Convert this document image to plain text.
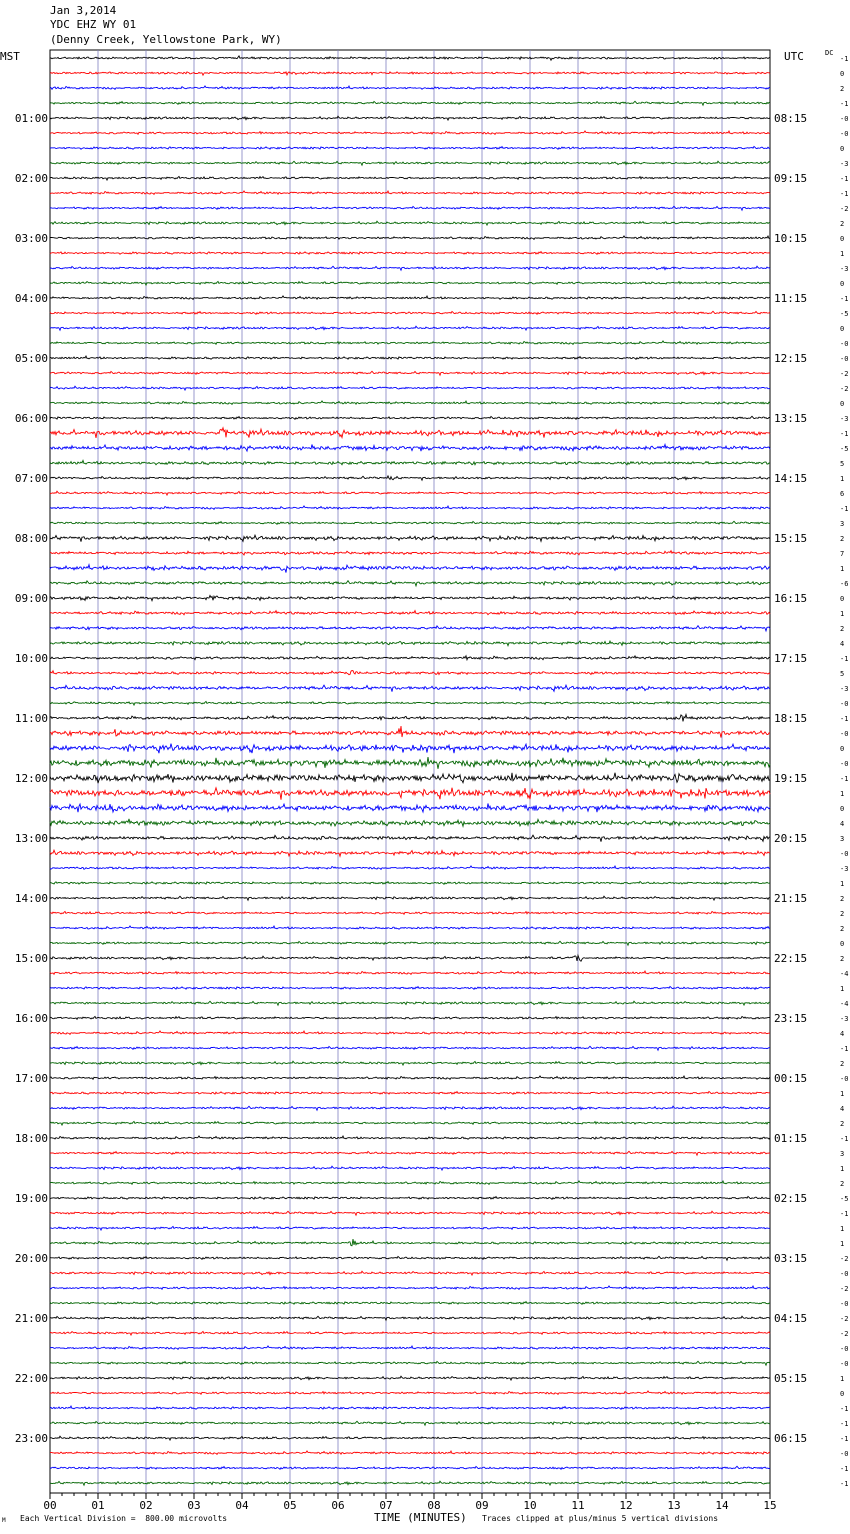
Jan 3,2014
YDC EHZ WY 01
(Denny Creek, Yellowstone Park, WY)
MST	UTC	DC
00	01	02	03	04	05	06	07	08	09	10	11	12	13	14	15
01:00
02:00
03:00
04:00
05:00
06:00
07:00
08:00
09:00
10:00
11:00
12:00
13:00
14:00
15:00
16:00
17:00
18:00
19:00
20:00
21:00
22:00
23:00
08:15
09:15
10:15
11:15
12:15
13:15
14:15
15:15
16:15
17:15
18:15
19:15
20:15
21:15
22:15
23:15
00:15
01:15
02:15
03:15
04:15
05:15
06:15
-1
0
2
-1
-0
-0
0
-3
-1
-1
-2
2
0
1
-3
0
-1
-5
0
-0
-0
-2
-2
0
-3
-1
-5
5
1
6
-1
3
2
7
1
-6
0
1
2
4
-1
5
-3
-0
-1
-0
0
-0
-1
1
0
4
3
-0
-3
1
2
2
2
0
2
-4
1
-4
-3
4
-1
2
-0
1
4
2
-1
3
1
2
-5
-1
1
1
-2
-0
-2
-0
-2
-2
-0
-0
1
0
-1
-1
-1
-0
-1
-1
M Each Vertical Division =  800.00 microvolts	TIME (MINUTES) Traces clipped at plus/minus 5 vertical divisions
